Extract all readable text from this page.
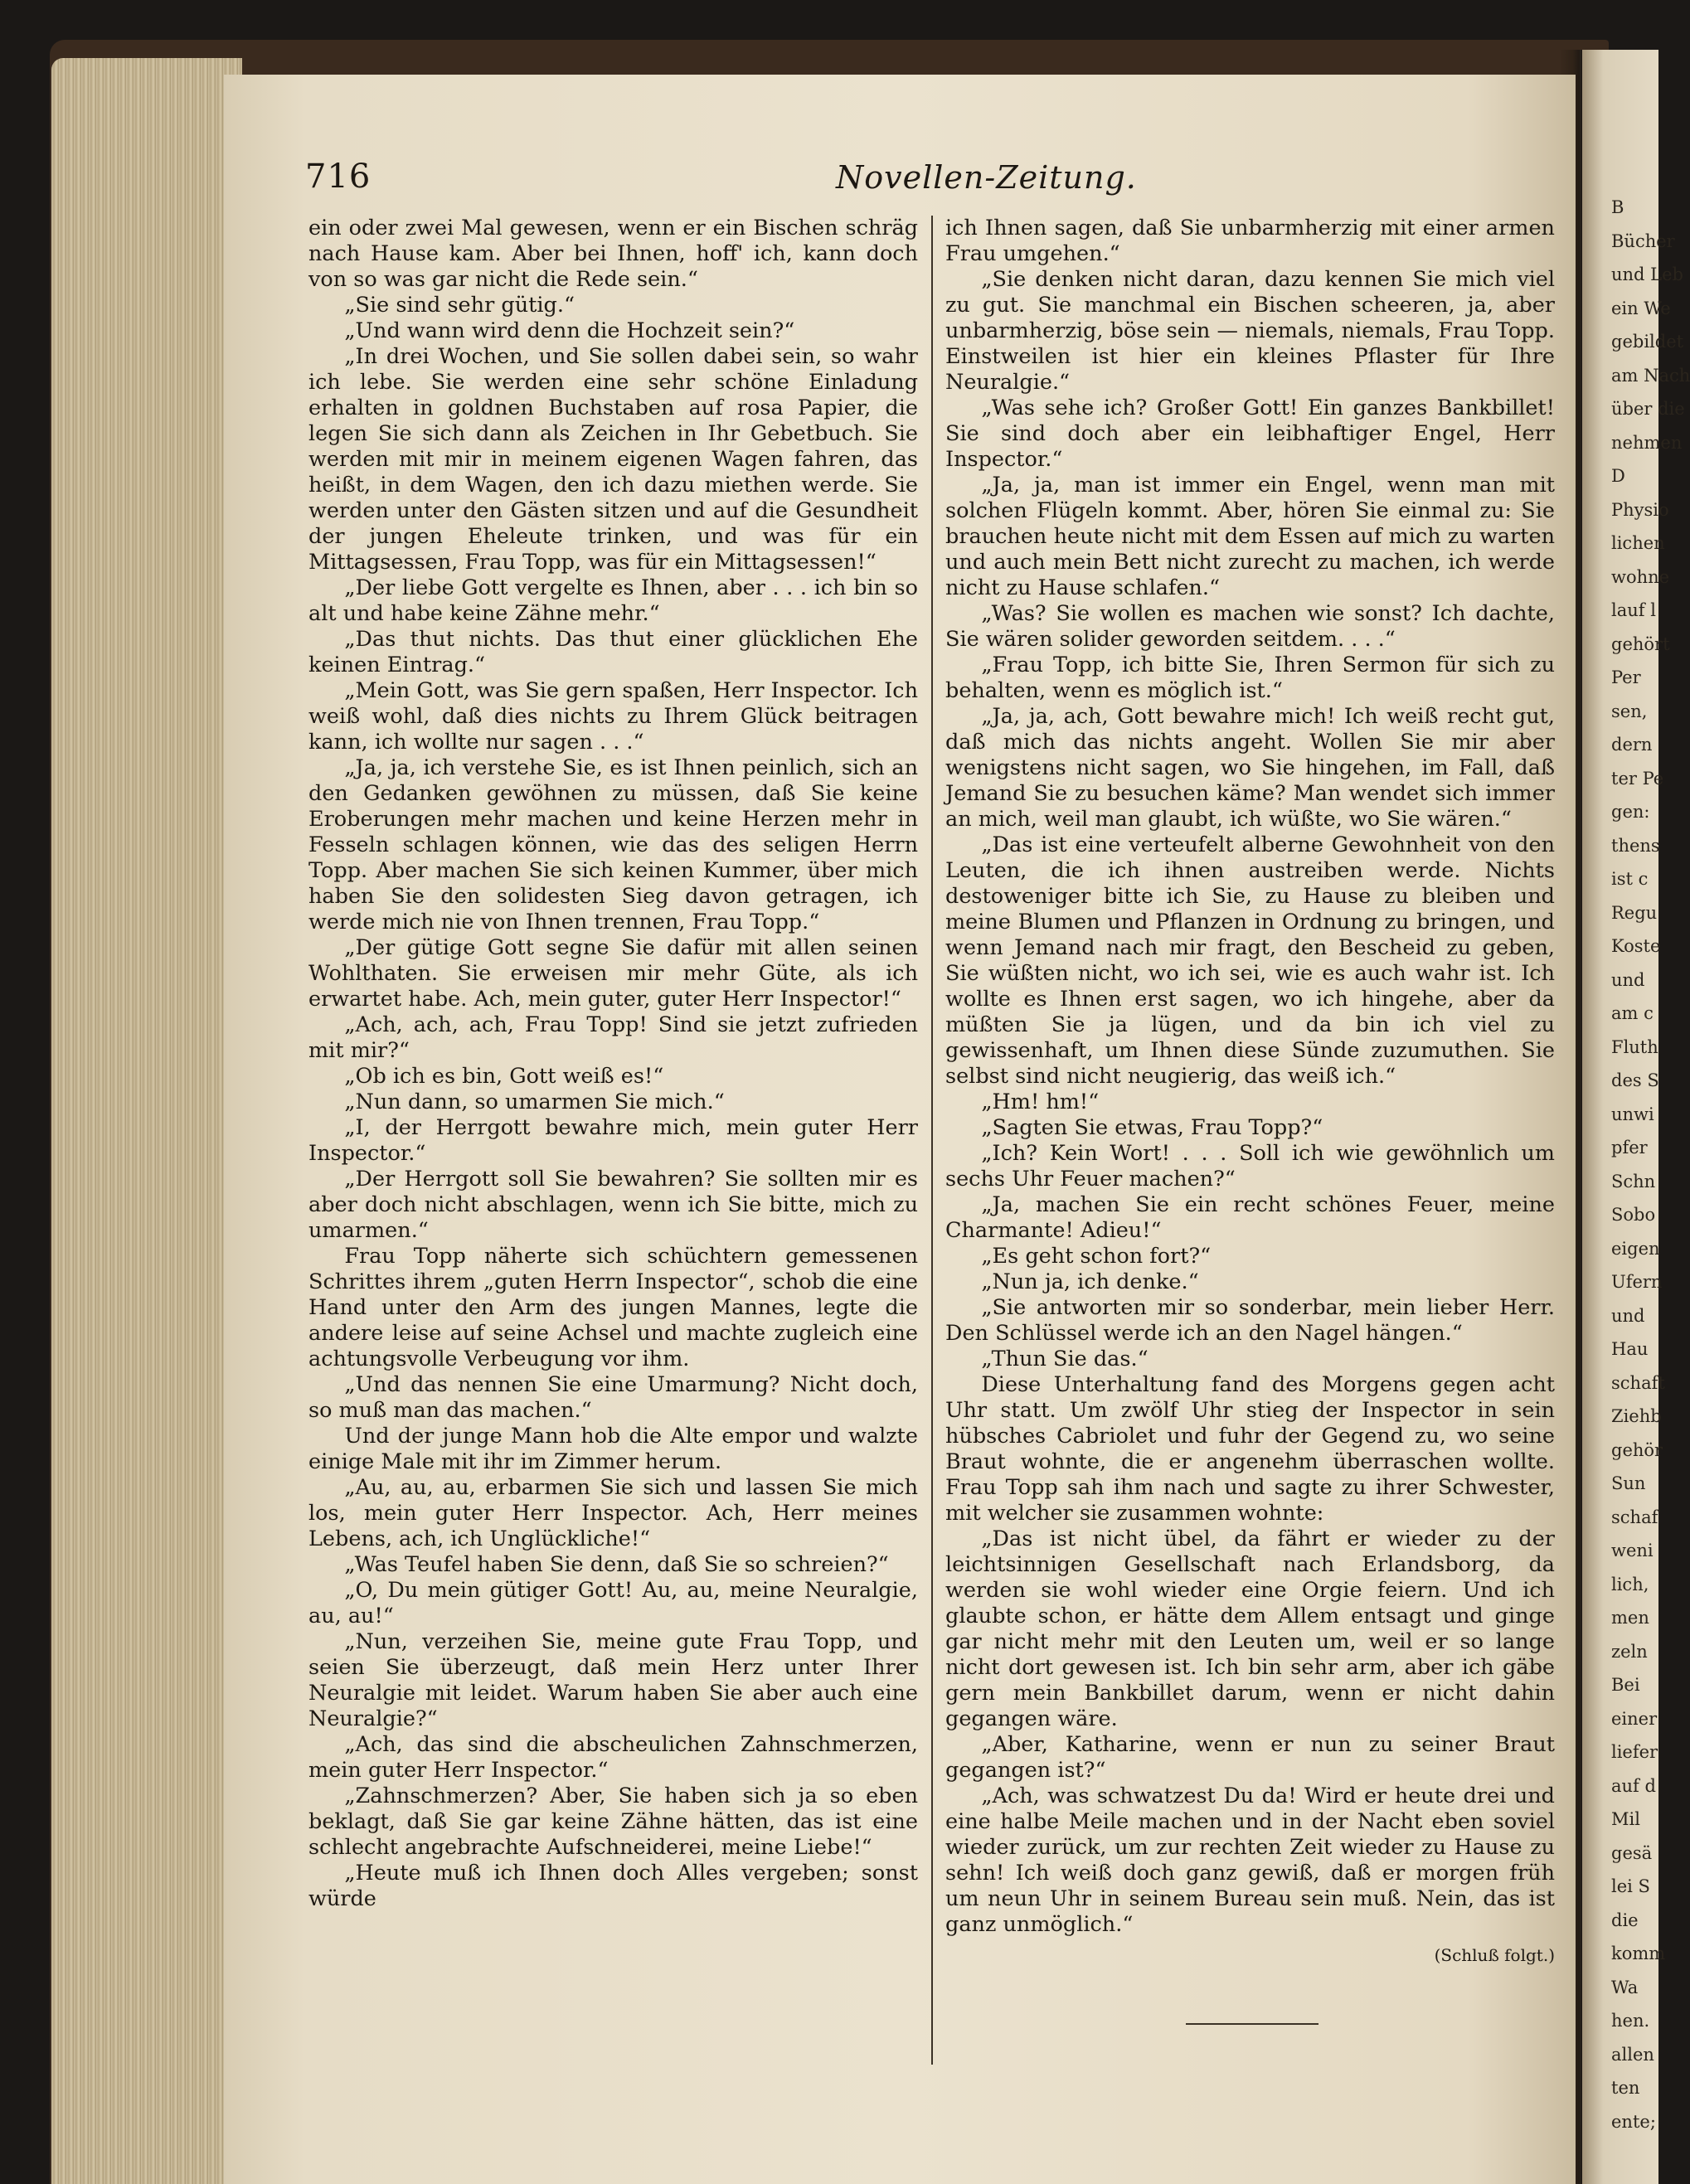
B
Bücher
und Leb
ein We
gebildet
am Nach
über die
nehmen
D
Physio
lichen
wohne
lauf l
gehört
Per
sen,
dern
ter Pe
gen:
thens
ist c
Regu
Koste
und
am c
Fluth
des S
unwi
pfer
Schn
Sobo
eigen
Ufern
und
Hau
schaft
Ziehb
gehör
Sun
schaf
weni
lich,
men
zeln
Bei
einer
liefer
auf d
Mil
gesä
lei S
die
komm
Wa
hen.
allen
ten
ente;
716	Novellen-Zeitung.

ein oder zwei Mal gewesen, wenn er ein Bischen schräg nach Hause kam. Aber bei Ihnen, hoff' ich, kann doch von so was gar nicht die Rede sein.“

„Sie sind sehr gütig.“

„Und wann wird denn die Hochzeit sein?“

„In drei Wochen, und Sie sollen dabei sein, so wahr ich lebe. Sie werden eine sehr schöne Einladung erhalten in goldnen Buchstaben auf rosa Papier, die legen Sie sich dann als Zeichen in Ihr Gebetbuch. Sie werden mit mir in meinem eigenen Wagen fahren, das heißt, in dem Wagen, den ich dazu miethen werde. Sie werden unter den Gästen sitzen und auf die Gesundheit der jungen Eheleute trinken, und was für ein Mittagsessen, Frau Topp, was für ein Mittagsessen!“

„Der liebe Gott vergelte es Ihnen, aber . . . ich bin so alt und habe keine Zähne mehr.“

„Das thut nichts. Das thut einer glücklichen Ehe keinen Eintrag.“

„Mein Gott, was Sie gern spaßen, Herr Inspector. Ich weiß wohl, daß dies nichts zu Ihrem Glück beitragen kann, ich wollte nur sagen . . .“

„Ja, ja, ich verstehe Sie, es ist Ihnen peinlich, sich an den Gedanken gewöhnen zu müssen, daß Sie keine Eroberungen mehr machen und keine Herzen mehr in Fesseln schlagen können, wie das des seligen Herrn Topp. Aber machen Sie sich keinen Kummer, über mich haben Sie den solidesten Sieg davon getragen, ich werde mich nie von Ihnen trennen, Frau Topp.“

„Der gütige Gott segne Sie dafür mit allen seinen Wohlthaten. Sie erweisen mir mehr Güte, als ich erwartet habe. Ach, mein guter, guter Herr Inspector!“

„Ach, ach, ach, Frau Topp! Sind sie jetzt zufrieden mit mir?“

„Ob ich es bin, Gott weiß es!“

„Nun dann, so umarmen Sie mich.“

„I, der Herrgott bewahre mich, mein guter Herr Inspector.“

„Der Herrgott soll Sie bewahren? Sie sollten mir es aber doch nicht abschlagen, wenn ich Sie bitte, mich zu umarmen.“

Frau Topp näherte sich schüchtern gemessenen Schrittes ihrem „guten Herrn Inspector“, schob die eine Hand unter den Arm des jungen Mannes, legte die andere leise auf seine Achsel und machte zugleich eine achtungsvolle Verbeugung vor ihm.

„Und das nennen Sie eine Umarmung? Nicht doch, so muß man das machen.“

Und der junge Mann hob die Alte empor und walzte einige Male mit ihr im Zimmer herum.

„Au, au, au, erbarmen Sie sich und lassen Sie mich los, mein guter Herr Inspector. Ach, Herr meines Lebens, ach, ich Unglückliche!“

„Was Teufel haben Sie denn, daß Sie so schreien?“

„O, Du mein gütiger Gott! Au, au, meine Neuralgie, au, au!“

„Nun, verzeihen Sie, meine gute Frau Topp, und seien Sie überzeugt, daß mein Herz unter Ihrer Neuralgie mit leidet. Warum haben Sie aber auch eine Neuralgie?“

„Ach, das sind die abscheulichen Zahnschmerzen, mein guter Herr Inspector.“

„Zahnschmerzen? Aber, Sie haben sich ja so eben beklagt, daß Sie gar keine Zähne hätten, das ist eine schlecht angebrachte Aufschneiderei, meine Liebe!“

„Heute muß ich Ihnen doch Alles vergeben; sonst würde

ich Ihnen sagen, daß Sie unbarmherzig mit einer armen Frau umgehen.“

„Sie denken nicht daran, dazu kennen Sie mich viel zu gut. Sie manchmal ein Bischen scheeren, ja, aber unbarmherzig, böse sein — niemals, niemals, Frau Topp. Einstweilen ist hier ein kleines Pflaster für Ihre Neuralgie.“

„Was sehe ich? Großer Gott! Ein ganzes Bankbillet! Sie sind doch aber ein leibhaftiger Engel, Herr Inspector.“

„Ja, ja, man ist immer ein Engel, wenn man mit solchen Flügeln kommt. Aber, hören Sie einmal zu: Sie brauchen heute nicht mit dem Essen auf mich zu warten und auch mein Bett nicht zurecht zu machen, ich werde nicht zu Hause schlafen.“

„Was? Sie wollen es machen wie sonst? Ich dachte, Sie wären solider geworden seitdem. . . .“

„Frau Topp, ich bitte Sie, Ihren Sermon für sich zu behalten, wenn es möglich ist.“

„Ja, ja, ach, Gott bewahre mich! Ich weiß recht gut, daß mich das nichts angeht. Wollen Sie mir aber wenigstens nicht sagen, wo Sie hingehen, im Fall, daß Jemand Sie zu besuchen käme? Man wendet sich immer an mich, weil man glaubt, ich wüßte, wo Sie wären.“

„Das ist eine verteufelt alberne Gewohnheit von den Leuten, die ich ihnen austreiben werde. Nichts destoweniger bitte ich Sie, zu Hause zu bleiben und meine Blumen und Pflanzen in Ordnung zu bringen, und wenn Jemand nach mir fragt, den Bescheid zu geben, Sie wüßten nicht, wo ich sei, wie es auch wahr ist. Ich wollte es Ihnen erst sagen, wo ich hingehe, aber da müßten Sie ja lügen, und da bin ich viel zu gewissenhaft, um Ihnen diese Sünde zuzumuthen. Sie selbst sind nicht neugierig, das weiß ich.“

„Hm! hm!“

„Sagten Sie etwas, Frau Topp?“

„Ich? Kein Wort! . . . Soll ich wie gewöhnlich um sechs Uhr Feuer machen?“

„Ja, machen Sie ein recht schönes Feuer, meine Charmante! Adieu!“

„Es geht schon fort?“

„Nun ja, ich denke.“

„Sie antworten mir so sonderbar, mein lieber Herr. Den Schlüssel werde ich an den Nagel hängen.“

„Thun Sie das.“

Diese Unterhaltung fand des Morgens gegen acht Uhr statt. Um zwölf Uhr stieg der Inspector in sein hübsches Cabriolet und fuhr der Gegend zu, wo seine Braut wohnte, die er angenehm überraschen wollte. Frau Topp sah ihm nach und sagte zu ihrer Schwester, mit welcher sie zusammen wohnte:

„Das ist nicht übel, da fährt er wieder zu der leichtsinnigen Gesellschaft nach Erlandsborg, da werden sie wohl wieder eine Orgie feiern. Und ich glaubte schon, er hätte dem Allem entsagt und ginge gar nicht mehr mit den Leuten um, weil er so lange nicht dort gewesen ist. Ich bin sehr arm, aber ich gäbe gern mein Bankbillet darum, wenn er nicht dahin gegangen wäre.

„Aber, Katharine, wenn er nun zu seiner Braut gegangen ist?“

„Ach, was schwatzest Du da! Wird er heute drei und eine halbe Meile machen und in der Nacht eben soviel wieder zurück, um zur rechten Zeit wieder zu Hause zu sehn! Ich weiß doch ganz gewiß, daß er morgen früh um neun Uhr in seinem Bureau sein muß. Nein, das ist ganz unmöglich.“

(Schluß folgt.)
